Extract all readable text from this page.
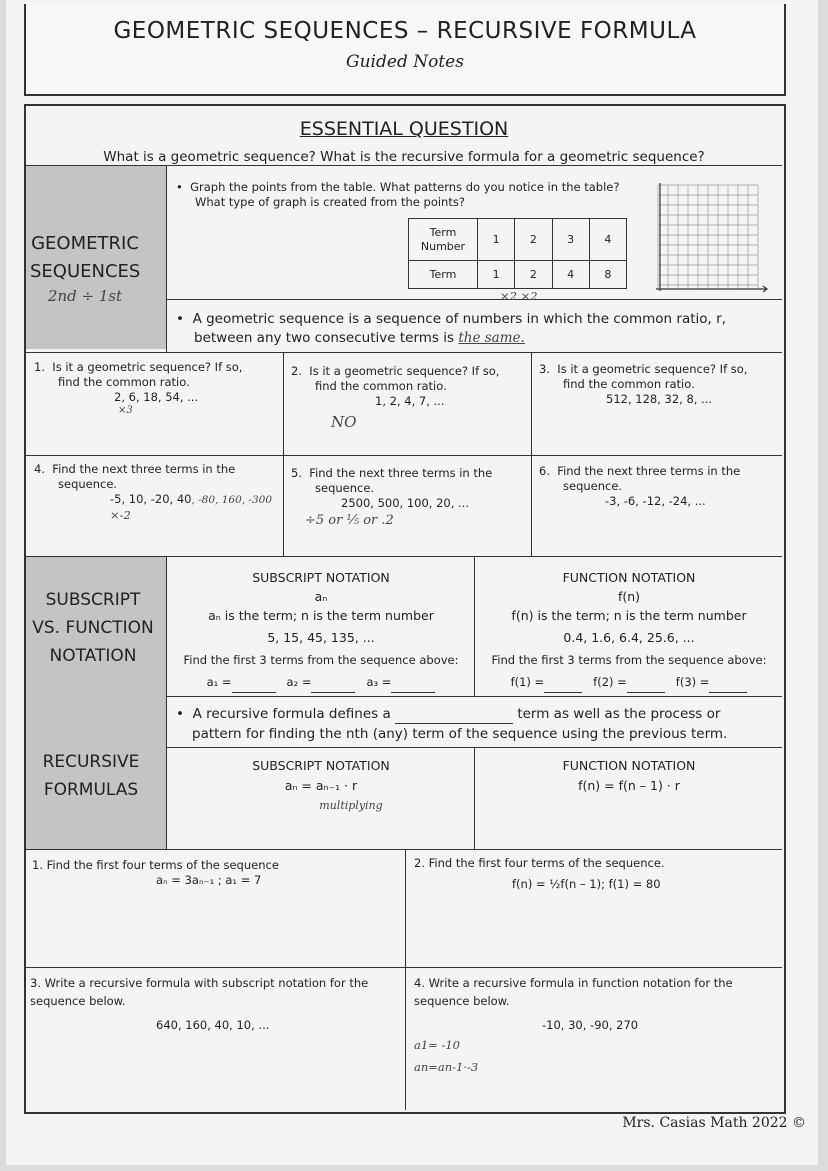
GEOMETRIC SEQUENCES – RECURSIVE FORMULA
Guided Notes
ESSENTIAL QUESTION
What is a geometric sequence? What is the recursive formula for a geometric sequence?
GEOMETRIC
SEQUENCES
2nd ÷ 1st
• Graph the points from the table. What patterns do you notice in the table?
What type of graph is created from the points?
Term
Number	1	2	3	4
Term	1	2	4	8
×2 ×2
• A geometric sequence is a sequence of numbers in which the common ratio, r,
between any two consecutive terms is the same.
1. Is it a geometric sequence? If so,
find the common ratio.
2, 6, 18, 54, ...
×3
2. Is it a geometric sequence? If so,
find the common ratio.
1, 2, 4, 7, ...
NO
3. Is it a geometric sequence? If so,
find the common ratio.
512, 128, 32, 8, ...
4. Find the next three terms in the
sequence.
-5, 10, -20, 40, -80, 160, -300
×-2
5. Find the next three terms in the
sequence.
2500, 500, 100, 20, ...
÷5 or ⅕ or .2
6. Find the next three terms in the
sequence.
-3, -6, -12, -24, ...
SUBSCRIPT
VS. FUNCTION
NOTATION
SUBSCRIPT NOTATION
aₙ
aₙ is the term; n is the term number
5, 15, 45, 135, ...
Find the first 3 terms from the sequence above:
a₁ =	a₂ =	a₃ =
FUNCTION NOTATION
f(n)
f(n) is the term; n is the term number
0.4, 1.6, 6.4, 25.6, ...
Find the first 3 terms from the sequence above:
f(1) =	f(2) =	f(3) =
RECURSIVE
FORMULAS
• A recursive formula defines a	term as well as the process or
pattern for finding the nth (any) term of the sequence using the previous term.
SUBSCRIPT NOTATION
aₙ = aₙ₋₁ · r
multiplying
FUNCTION NOTATION
f(n) = f(n – 1) · r
1. Find the first four terms of the sequence
aₙ = 3aₙ₋₁ ; a₁ = 7
2. Find the first four terms of the sequence.
f(n) = ½f(n – 1); f(1) = 80
3. Write a recursive formula with subscript notation for the
sequence below.
640, 160, 40, 10, ...
4. Write a recursive formula in function notation for the
sequence below.
-10, 30, -90, 270
a1= -10
an=an-1·-3
Mrs. Casias Math 2022 ©
